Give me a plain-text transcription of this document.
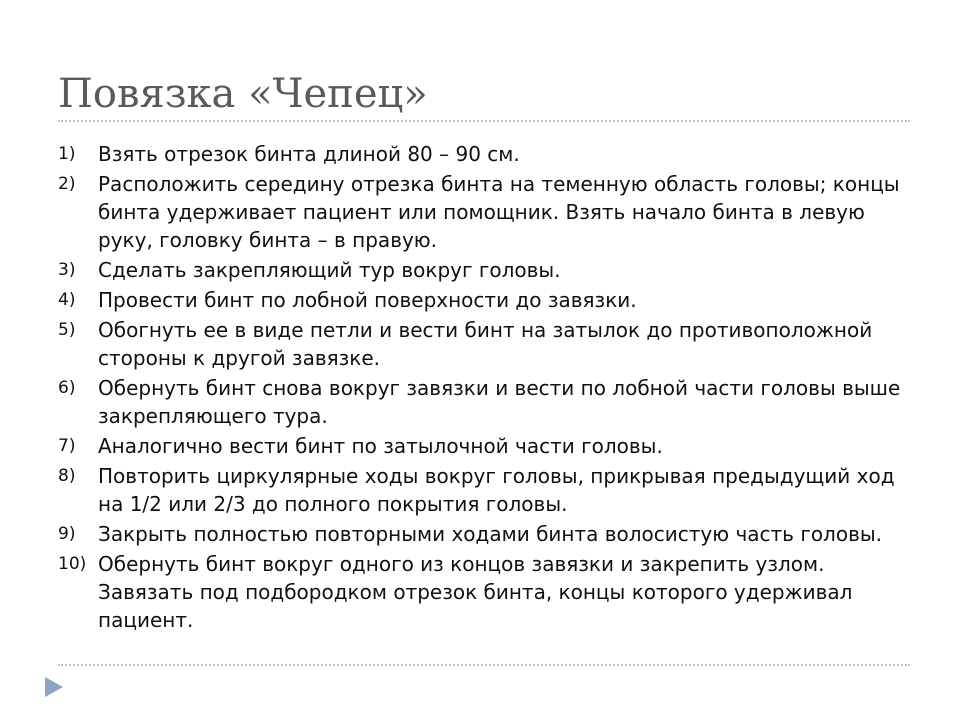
Повязка «Чепец»
1)	Взять отрезок бинта длиной 80 – 90 см.
2)	Расположить середину отрезка бинта на теменную область головы; концы бинта удерживает пациент или помощник. Взять начало бинта в левую руку, головку бинта – в правую.
3)	Сделать закрепляющий тур вокруг головы.
4)	Провести бинт по лобной поверхности до завязки.
5)	Обогнуть ее в виде петли и вести бинт на затылок до противоположной стороны к другой завязке.
6)	Обернуть бинт снова вокруг завязки и вести по лобной части головы выше закрепляющего тура.
7)	Аналогично вести бинт по затылочной части головы.
8)	Повторить циркулярные ходы вокруг головы, прикрывая предыдущий ход на 1/2 или 2/3 до полного покрытия головы.
9)	Закрыть полностью повторными ходами бинта волосистую часть головы.
10) Обернуть бинт вокруг одного из концов завязки и закрепить узлом. Завязать под подбородком отрезок бинта, концы которого удерживал пациент.
